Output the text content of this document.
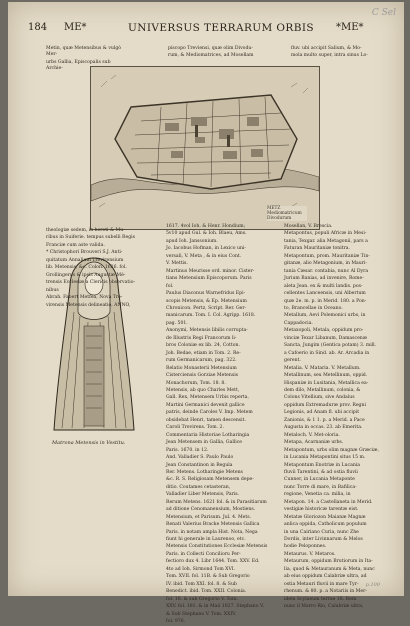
184 ME*	UNIVERSUS TERRARUM ORBIS *ME*
C Sel

Metin, quæ Metensibus & vulgò Mer-

urbs Gallia, Episcopalis sub Archie-

piscopo Treviensi, quæ olim Divodu-

rum, & Mediomatrices, ad Mosellam

fluv. ubi accipit Salium, & Mo-

mola multo super, intra sinus Lo-

METZ
Mediomatricum
Divodurum
Matrona Metensis in Vestitu.

theologiæ sedem, in hereti & Mu-

ribus in Suiferie. tempus subelli Regis

Franciæ cum aste valida.

* Christophori Brouveri S.J. Anti-

quitatum Annalium Trevirensium

lib. Metensis, &c. Colon. 1626. fol.

Grollingerus & ipsis Augustæ Mé-

trensis Ecclesiæ a Clericis observatio-

nibus

Abrah. Fabert Metfea, Nova Tre-

virensis Metensis delineatio, ANNO,

1617. 4vol Ioh. & Henr. Hondium;

5v10 apud Gul. & Ioh. Blaeu, Ams.

apud Ioh. Janssonium.

Jo. Iacobus Hofman, in Lexico uni-

versali, V. Meta , & in eius Cont.

V. Mettis.

Martinus Meurisse ord. minor. Cister-

tians Metensium Episcoporum. Paris

fol.

Paulus Diaconus Warnefridus Epi-

scopis Metensis, & Ep. Metensium

Chronicon. Pertz, Script. Rer. Ger-

manicarum. Tom. I. Col. Agripp. 1618.

pag. 501.

Anonymi, Metensis libilis corrupta-

de Illustris Regi Francorum li-

bros Coloniæ ex lib. 24, Cotton.

Joh. Bedae, etiam in Tom. 2. Re-

rum Germanicarum, pag. 322.

Relatio Monasterii Metensium

Cisterciensis Gorziae Metensis

Monachorum, Tom. 18. 8.

Metensis, ab quo Charles Mett,

Gall. Rex, Metensem Urbis reperta,

Martini Germanici devenit gallice

patris, deinde Caroles V. Imp. Metem

obsidebat Henri, tamen descensit.

Caroli Trevirens. Tom. 2.

Commentaria Historiae Lotharingia

Jean Metensem in Gallia, Gallice

Paris. 1670. in 12.

And. Valladier S. Paulo Paulo

Jean Constantinon in Regula

Rer. Metens. Lotharingie Metens

&c. R. S. Religiosam Metensem depe-

ditio. Coutames cetasteran,

Valladier Liber Metensis, Paris.

Rerum Metens. 1621 fol. & in Parasitiarum

ad ditione Cenomanensium, Mostiens.

Metensium, et Parisum. Jul. 4. Mets.

Renati Valerius Bracke Metensis Gallica

Paris. in notam ampla Hist. Nota, Nega

fiunt hi generale in Laurenoo, etc.

Metensis Constitutiones Ecclesiæ Metensis

Paris. in Collecti Concilioru Per-

fectioro dux 4. Libr 1644. Tom. XXV. Ed.

4to ad Ioh. Sirmond Tom XVI.

Tom. XVII. fol. 11B. & Sub Gregorio

IV. ibid. Tom XXI. fol. 8. & Sub

Benedict. ibid. Tom. XXII. Colonia.

fol. 16. & sub Gregorio V. Tom.

XXV. fol. 181. & in Maii 1627. Stephano V.

& Sub Stephano V. Tom. XXIV.

fol. 976.

Mosellan, V. Brescia.

Metapontus, populi Africæ in Mesi-

tania, Texgar. alia Metagonii, pars a

Faturan Mauritaniæ tonitra.

Metapontum, prom. Mauritaniæ Tin-

gitanæ, alio Metagonium, in Mauri-

tania Cæsar. contabia, nunc Al Dyra

Jurium Banias, ad invenire, Rome-

aleta Jean. ex & multi landis. pos-

cellentes Lanceensis, uni Albertum

quæ 2e. m. p. in Merid. 180. a Pon-

to, Brancellae in Oceano.

Metallum, Aevi Polemonici urbs, in

Cappadocia.

Metaxopoli, Metala, oppidum pro-

vinciæ Texar Libanum, Damascenæ

Sancta, Jungim (Gentica potam) 3. mill.

a Cafoerio in Sind. ab. Ar. Arcadia in

gerent.

Metalia. V. Mataria. V. Metallum.

Metallinum, seu Metellinum, oppid.

Hispaniæ in Lusitania, Metallica ea-

dem dilo, Metallinum, colonia, &

Colons Vitellium, sive Andalus

oppidum Extremaduræ prov. Regni

Legionis, ad Anam fl. ubi accipit

Zanionis, & 1 1. p. a Merid. a Pace

Augusta in occas. 23. ab Emerita.

Metaloch. V. Met-oloria.

Metapa, Acarnaniæ urbs.

Metapontum, urbs olim magnæ Græciæ,

in Lucania Metapontini situs 15 m.

Metapontum Enotriæ in Lucania

fluvii Tarentini, & ad ostia fluvii

Cunner, in Lucania Metaponte

nunc Torre di mare, in Bafilica-

regione, Venetia ca. milia, in

Metapon. 14. a Castellaneta in Merid.

vestigiæ historicæ tarentæ eist.

Metatæ Gloriozon Maianæ Magnæ

anlica oppida, Catholicum populum

in una Cairiano Curia, nunc Zhe

Dordis, inter Livinnarum & Melos

hodie Peloponnes.

Metaurus. V. Metaros.

Metaurum, oppidum Brutiorum in Ita-

lia, quod & Metauranum & Meta, nunc

ab eius oppidum Calabriæ ultra, ad

ostia Metauri fluvii in mare Tyr-

rhenum. & 80. p. a Notariis in Mer-

idem Scylaeum terrae 18. Item

nunc il Marro Rio, Calabriæ ultra,

p.100
